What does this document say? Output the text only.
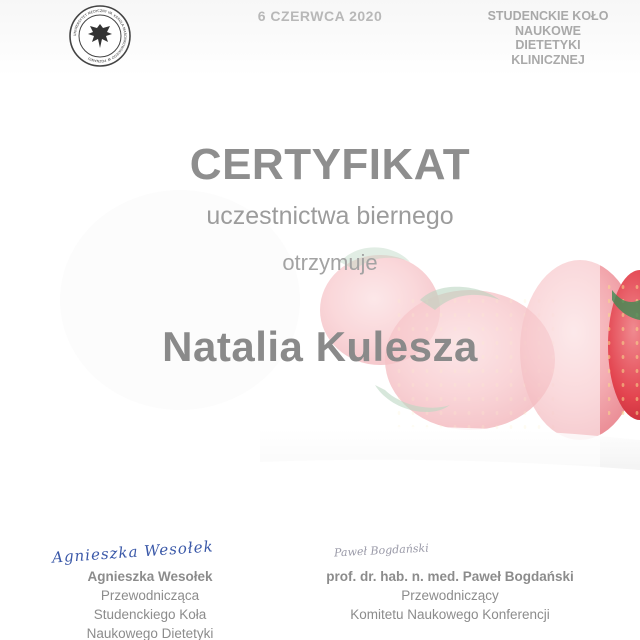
UNIWERSYTET MEDYCZNY IM. KAROLA MARCINKOWSKIEGO W POZNANIU
6 CZERWCA 2020	STUDENCKIE KOŁO
NAUKOWE
DIETETYKI
KLINICZNEJ
CERTYFIKAT
uczestnictwa biernego
otrzymuje
Natalia Kulesza
Agnieszka Wesołek	Paweł Bogdański
Agnieszka Wesołek
Przewodnicząca
Studenckiego Koła
Naukowego Dietetyki
prof. dr. hab. n. med. Paweł Bogdański
Przewodniczący
Komitetu Naukowego Konferencji
